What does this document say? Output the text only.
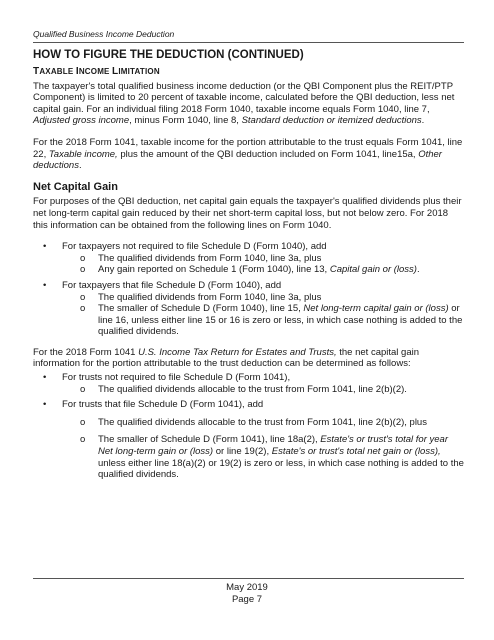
Qualified Business Income Deduction
HOW TO FIGURE THE DEDUCTION (CONTINUED)
TAXABLE INCOME LIMITATION

The taxpayer's total qualified business income deduction (or the QBI Component plus the REIT/PTP Component) is limited to 20 percent of taxable income, calculated before the QBI deduction, less net capital gain. For an individual filing 2018 Form 1040, taxable income equals Form 1040, line 7, Adjusted gross income, minus Form 1040, line 8, Standard deduction or itemized deductions.

For the 2018 Form 1041, taxable income for the portion attributable to the trust equals Form 1041, line 22, Taxable income, plus the amount of the QBI deduction included on Form 1041, line15a, Other deductions.

Net Capital Gain

For purposes of the QBI deduction, net capital gain equals the taxpayer's qualified dividends plus their net long-term capital gain reduced by their net short-term capital loss, but not below zero. For 2018 this information can be obtained from the following lines on Form 1040.

• For taxpayers not required to file Schedule D (Form 1040), add
o The qualified dividends from Form 1040, line 3a, plus
o Any gain reported on Schedule 1 (Form 1040), line 13, Capital gain or (loss).
• For taxpayers that file Schedule D (Form 1040), add
o The qualified dividends from Form 1040, line 3a, plus
o The smaller of Schedule D (Form 1040), line 15, Net long-term capital gain or (loss) or line 16, unless either line 15 or 16 is zero or less, in which case nothing is added to the qualified dividends.

For the 2018 Form 1041 U.S. Income Tax Return for Estates and Trusts, the net capital gain information for the portion attributable to the trust deduction can be determined as follows:

• For trusts not required to file Schedule D (Form 1041),
o The qualified dividends allocable to the trust from Form 1041, line 2(b)(2).
• For trusts that file Schedule D (Form 1041), add
o The qualified dividends allocable to the trust from Form 1041, line 2(b)(2), plus
o The smaller of Schedule D (Form 1041), line 18a(2), Estate's or trust's total for year Net long-term gain or (loss) or line 19(2), Estate's or trust's total net gain or (loss), unless either line 18(a)(2) or 19(2) is zero or less, in which case nothing is added to the qualified dividends.
May 2019
Page 7
